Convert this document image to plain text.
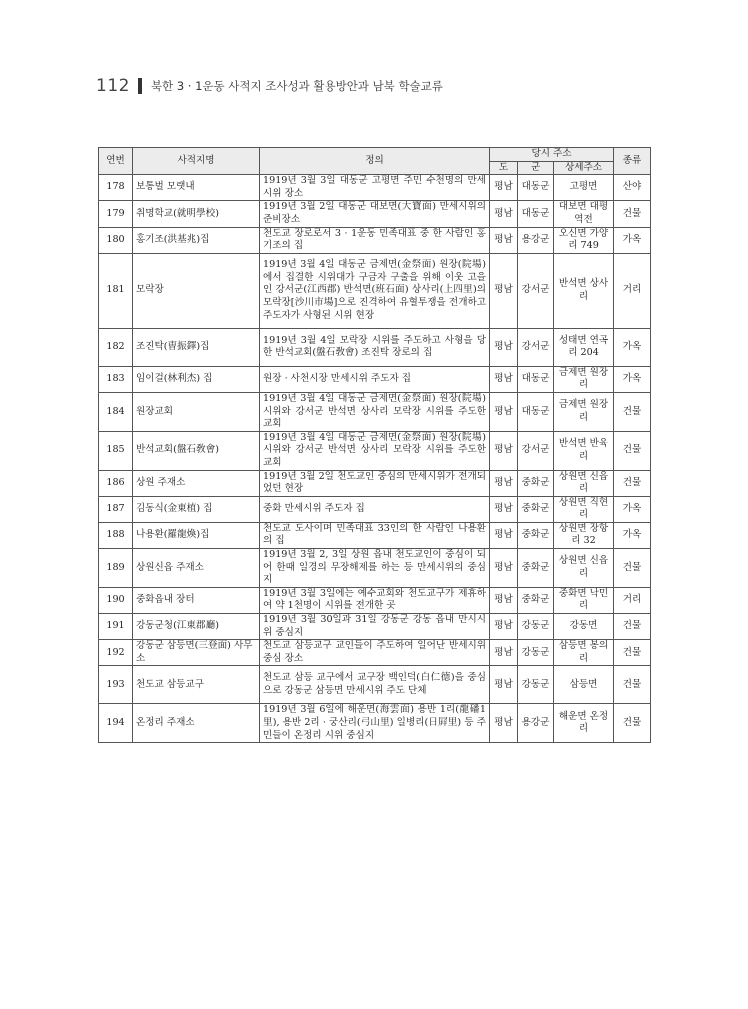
112 북한 3 · 1운동 사적지 조사성과 활용방안과 남북 학술교류
연번	사적지명	정의	당시 주소			종류
			도	군	상세주소	
178	보통벌 모랫내	1919년 3월 3일 대동군 고평면 주민 수천명의 만세시위 장소	평남	대동군	고평면	산야
179	취명학교(就明學校)	1919년 3월 2일 대동군 대보면(大寶面) 만세시위의 준비장소	평남	대동군	대보면 대평역전	건물
180	홍기조(洪基兆)집	천도교 장로로서 3 · 1운동 민족대표 중 한 사람인 홍기조의 집	평남	용강군	오신면 가양리 749	가옥
181	모락장	1919년 3월 4일 대동군 금제면(金祭面) 원장(院場)에서 집결한 시위대가 구금자 구출을 위해 이웃 고을인 강서군(江西郡) 반석면(班石面) 상사리(上四里)의 모락장[沙川市場]으로 진격하여 유혈투쟁을 전개하고 주도자가 사형된 시위 현장	평남	강서군	반석면 상사리	거리
182	조진탁(曺振鐸)집	1919년 3월 4일 모락장 시위를 주도하고 사형을 당한 반석교회(盤石敎會) 조진탁 장로의 집	평남	강서군	성태면 연곡리 204	가옥
183	임이걸(林利杰) 집	원장 · 사천시장 만세시위 주도자 집	평남	대동군	금제면 원장리	가옥
184	원장교회	1919년 3월 4일 대동군 금제면(金祭面) 원장(院場) 시위와 강서군 반석면 상사리 모락장 시위를 주도한 교회	평남	대동군	금제면 원장리	건물
185	반석교회(盤石敎會)	1919년 3월 4일 대동군 금제면(金祭面) 원장(院場) 시위와 강서군 반석면 상사리 모락장 시위를 주도한 교회	평남	강서군	반석면 반육리	건물
186	상원 주재소	1919년 3월 2일 천도교인 중심의 만세시위가 전개되었던 현장	평남	중화군	상원면 신읍리	건물
187	김동식(金東植) 집	중화 만세시위 주도자 집	평남	중화군	상원면 직현리	가옥
188	나용환(羅龍煥)집	천도교 도사이며 민족대표 33인의 한 사람인 나용환의 집	평남	중화군	상원면 장항리 32	가옥
189	상원신읍 주재소	1919년 3월 2, 3일 상원 읍내 천도교인이 중심이 되어 한때 일경의 무장해제를 하는 등 만세시위의 중심지	평남	중화군	상원면 신읍리	건물
190	중화읍내 장터	1919년 3월 3일에는 예수교회와 천도교구가 제휴하여 약 1천명이 시위를 전개한 곳	평남	중화군	중화면 낙민리	거리
191	강동군청(江東郡廳)	1919년 3월 30일과 31일 강동군 강동 읍내 만시시위 중심지	평남	강동군	강동면	건물
192	강동군 삼등면(三登面) 사무소	천도교 삼등교구 교인들이 주도하여 일어난 반세시위 중심 장소	평남	강동군	삼등면 봉의리	건물
193	천도교 삼등교구	천도교 삼등 교구에서 교구장 백인덕(白仁德)을 중심으로 강동군 삼등면 만세시위 주도 단체	평남	강동군	삼등면	건물
194	온정리 주재소	1919년 3월 6일에 해운면(海雲面) 용반 1리(龍磻1里), 용반 2리 · 궁산리(弓山里) 일병리(日屛里) 등 주민들이 온정리 시위 중심지	평남	용강군	해운면 온정리	건물
